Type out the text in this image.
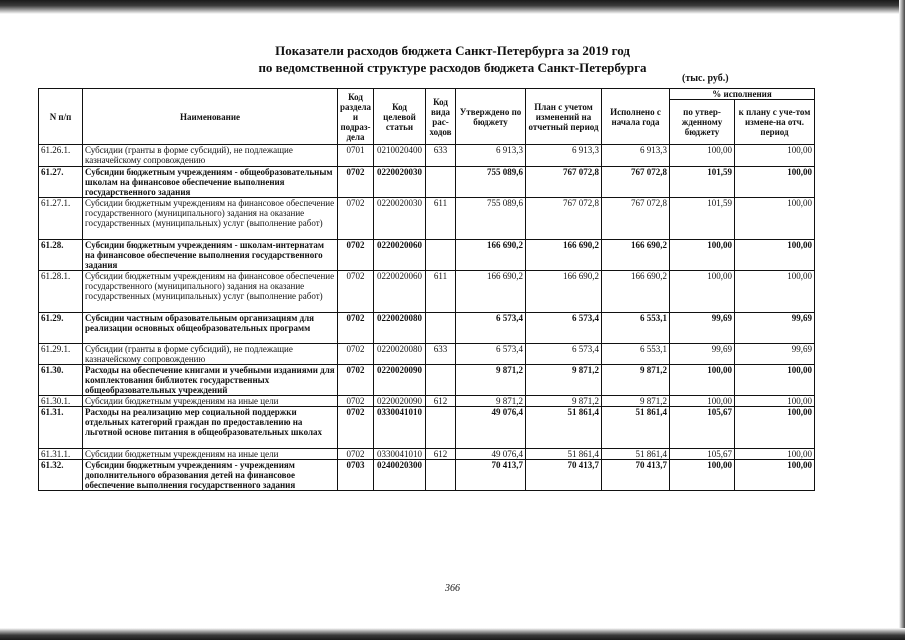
Показатели расходов бюджета Санкт-Петербурга за 2019 год
по ведомственной структуре расходов бюджета Санкт-Петербурга
(тыс. руб.)
N п/п	Наименование	Код раздела и подраз-дела	Код целевой статьи	Код вида рас-ходов	Утверждено по бюджету	План с учетом изменений на отчетный период	Исполнено с начала года	% исполнения	
								по утвер-жденному бюджету	к плану с уче-том измене-на отч. период
61.26.1.	Субсидии (гранты в форме субсидий), не подлежащие казначейскому сопровождению	0701	0210020400	633	6 913,3	6 913,3	6 913,3	100,00	100,00
61.27.	Субсидии бюджетным учреждениям - общеобразовательным школам на финансовое обеспечение выполнения государственного задания	0702	0220020030		755 089,6	767 072,8	767 072,8	101,59	100,00
61.27.1.	Субсидии бюджетным учреждениям на финансовое обеспечение государственного (муниципального) задания на оказание государственных (муниципальных) услуг (выполнение работ)	0702	0220020030	611	755 089,6	767 072,8	767 072,8	101,59	100,00
61.28.	Субсидии бюджетным учреждениям - школам-интернатам на финансовое обеспечение выполнения государственного задания	0702	0220020060		166 690,2	166 690,2	166 690,2	100,00	100,00
61.28.1.	Субсидии бюджетным учреждениям на финансовое обеспечение государственного (муниципального) задания на оказание государственных (муниципальных) услуг (выполнение работ)	0702	0220020060	611	166 690,2	166 690,2	166 690,2	100,00	100,00
61.29.	Субсидии частным образовательным организациям для реализации основных общеобразовательных программ	0702	0220020080		6 573,4	6 573,4	6 553,1	99,69	99,69
61.29.1.	Субсидии (гранты в форме субсидий), не подлежащие казначейскому сопровождению	0702	0220020080	633	6 573,4	6 573,4	6 553,1	99,69	99,69
61.30.	Расходы на обеспечение книгами и учебными изданиями для комплектования библиотек государственных общеобразовательных учреждений	0702	0220020090		9 871,2	9 871,2	9 871,2	100,00	100,00
61.30.1.	Субсидии бюджетным учреждениям на иные цели	0702	0220020090	612	9 871,2	9 871,2	9 871,2	100,00	100,00
61.31.	Расходы на реализацию мер социальной поддержки отдельных категорий граждан по предоставлению на льготной основе питания в общеобразовательных школах	0702	0330041010		49 076,4	51 861,4	51 861,4	105,67	100,00
61.31.1.	Субсидии бюджетным учреждениям на иные цели	0702	0330041010	612	49 076,4	51 861,4	51 861,4	105,67	100,00
61.32.	Субсидии бюджетным учреждениям - учреждениям дополнительного образования детей на финансовое обеспечение выполнения государственного задания	0703	0240020300		70 413,7	70 413,7	70 413,7	100,00	100,00
366
